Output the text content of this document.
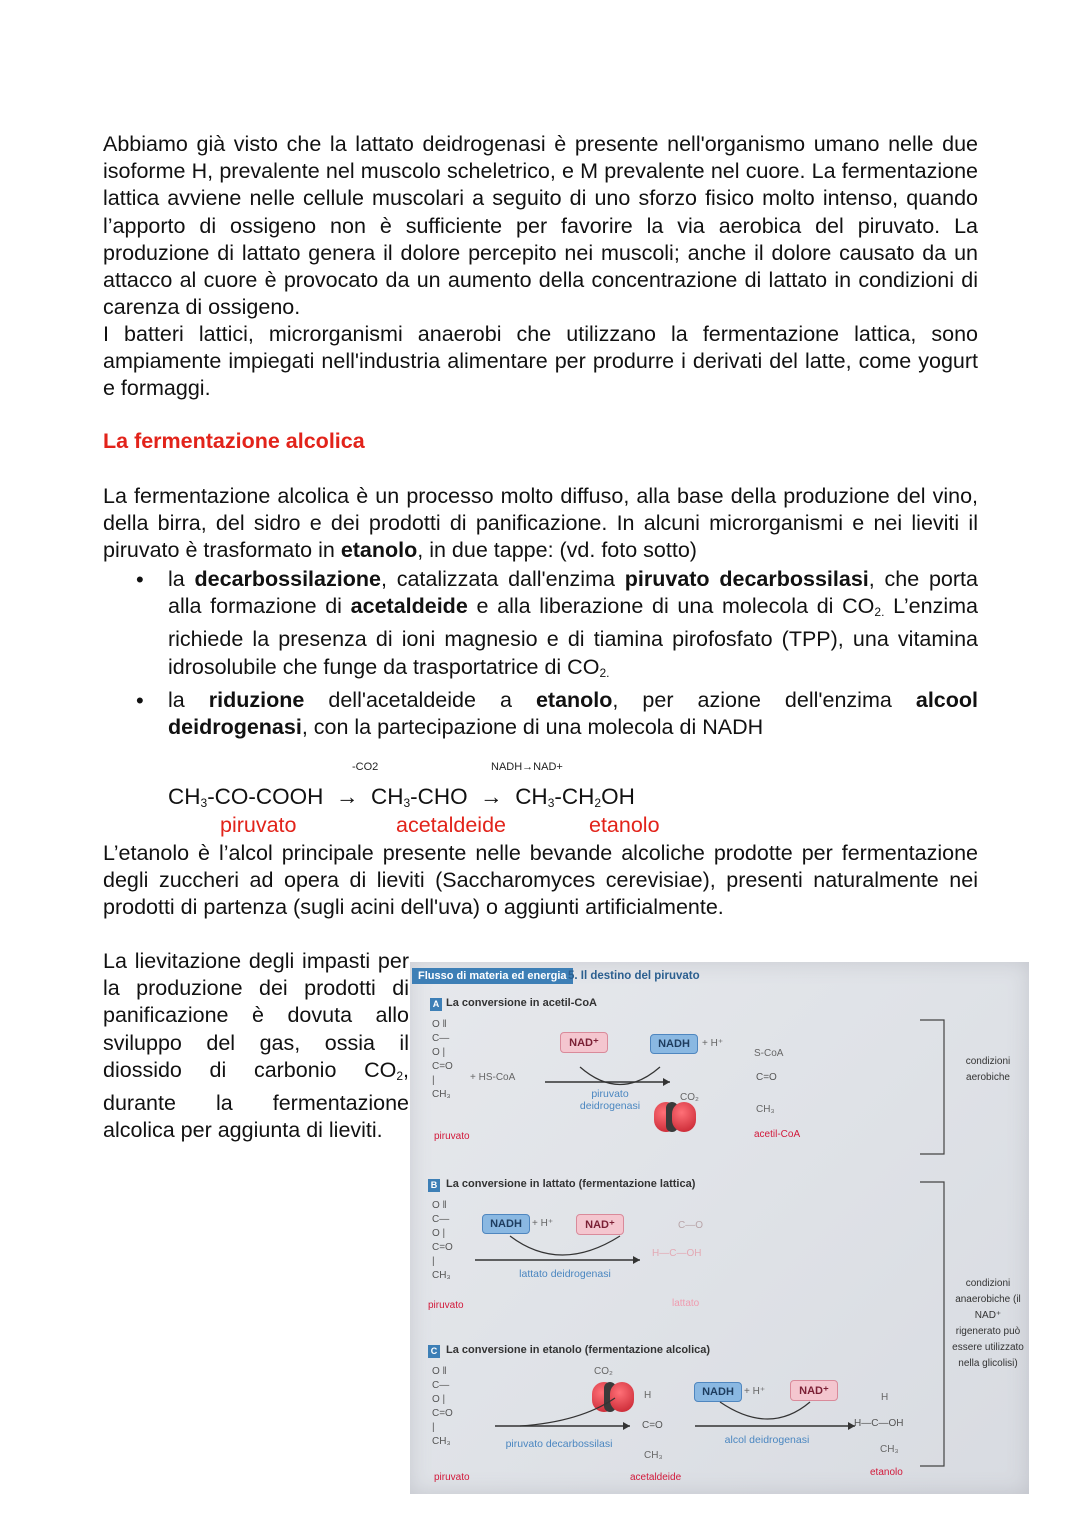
Abbiamo già visto che la lattato deidrogenasi è presente nell'organismo umano nelle due isoforme H, prevalente nel muscolo scheletrico, e M prevalente nel cuore. La fermentazione lattica avviene nelle cellule muscolari a seguito di uno sforzo fisico molto intenso, quando l’apporto di ossigeno non è sufficiente per favorire la via aerobica del piruvato. La produzione di lattato genera il dolore percepito nei muscoli; anche il dolore causato da un attacco al cuore è provocato da un aumento della concentrazione di lattato in condizioni di carenza di ossigeno.

I batteri lattici, microrganismi anaerobi che utilizzano la fermentazione lattica, sono ampiamente impiegati nell'industria alimentare per produrre i derivati del latte, come yogurt e formaggi.

La fermentazione alcolica

La fermentazione alcolica è un processo molto diffuso, alla base della produzione del vino, della birra, del sidro e dei prodotti di panificazione. In alcuni microrganismi e nei lieviti il piruvato è trasformato in etanolo, in due tappe: (vd. foto sotto)

• la decarbossilazione, catalizzata dall'enzima piruvato decarbossilasi, che porta alla formazione di acetaldeide e alla liberazione di una molecola di $CO_{2.}$ L’enzima richiede la presenza di ioni magnesio e di tiamina pirofosfato (TPP), una vitamina idrosolubile che funge da trasportatrice di $CO_{2.}$
• la riduzione dell'acetaldeide a etanolo, per azione dell'enzima alcool deidrogenasi, con la partecipazione di una molecola di NADH
-CO2	NADH→NAD+
$CH_3-CO$-COOH → $CH_3$-CHO → $CH_3-CH_2OH$
piruvato	acetaldeide	etanolo

L’etanolo è l’alcol principale presente nelle bevande alcoliche prodotte per fermentazione degli zuccheri ad opera di lieviti (Saccharomyces cerevisiae), presenti naturalmente nei prodotti di partenza (sugli acini dell'uva) o aggiunti artificialmente.

La lievitazione degli impasti per la produzione dei prodotti di panificazione è dovuta allo sviluppo del gas, ossia il diossido di carbonio $CO_2$, durante la fermentazione alcolica per aggiunta di lieviti.

Flusso di materia ed energia 5. Il destino del piruvato
A La conversione in acetil-CoA
O ‖ C—O | C=O | CH₃
+ HS-CoA
piruvato
NAD⁺	NADH	+ H⁺
piruvato deidrogenasi
CO₂
S-CoA
C=O
CH₃
acetil-CoA
condizioni aerobiche
B La conversione in lattato (fermentazione lattica)
O ‖ C—O | C=O | CH₃
piruvato
NADH	+ H⁺	NAD⁺
lattato deidrogenasi
C—O
H—C—OH
lattato
condizioni anaerobiche (il NAD⁺ rigenerato può essere utilizzato nella glicolisi)
C La conversione in etanolo (fermentazione alcolica)
O ‖ C—O | C=O | CH₃
piruvato
CO₂
piruvato decarbossilasi
H
C=O
CH₃
acetaldeide
NADH	+ H⁺	NAD⁺
alcol deidrogenasi
H
H—C—OH
CH₃
etanolo
